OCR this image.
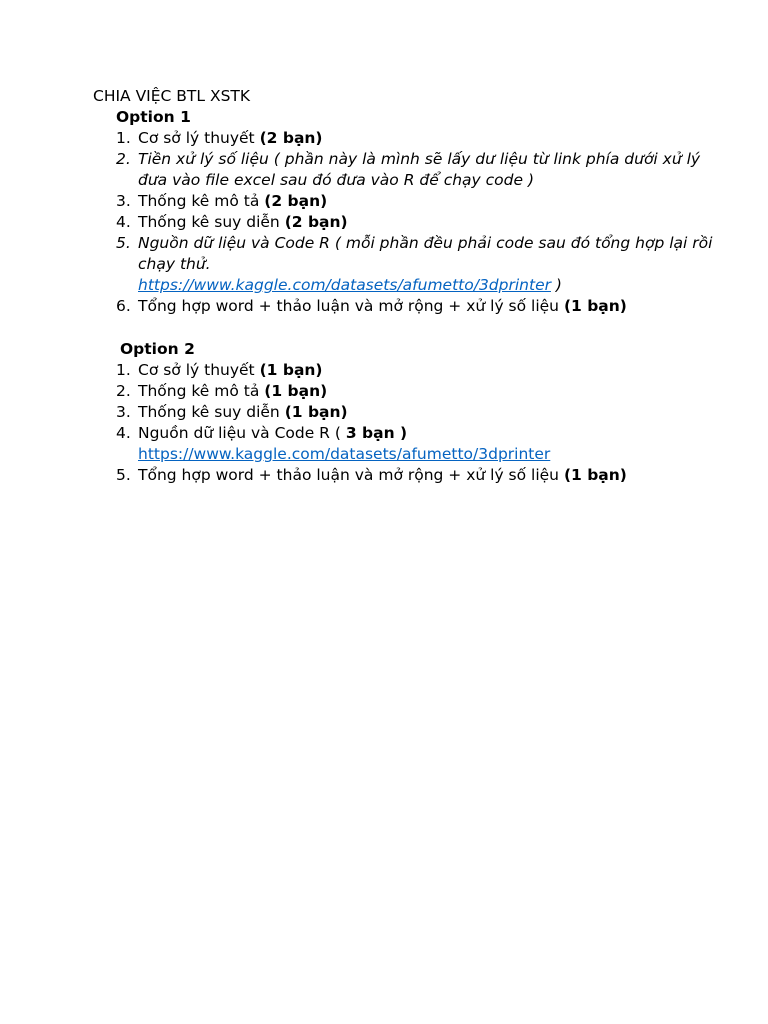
CHIA VIỆC BTL XSTK

Option 1

1. Cơ sở lý thuyết (2 bạn)
2. Tiền xử lý số liệu ( phần này là mình sẽ lấy dư liệu từ link phía dưới xử lý đưa vào file excel sau đó đưa vào R để chạy code )
3. Thống kê mô tả (2 bạn)
4. Thống kê suy diễn (2 bạn)
5. Nguồn dữ liệu và Code R ( mỗi phần đều phải code sau đó tổng hợp lại rồi chạy thử.
https://www.kaggle.com/datasets/afumetto/3dprinter )
6. Tổng hợp word + thảo luận và mở rộng + xử lý số liệu (1 bạn)

Option 2

1. Cơ sở lý thuyết (1 bạn)
2. Thống kê mô tả (1 bạn)
3. Thống kê suy diễn (1 bạn)
4. Nguồn dữ liệu và Code R ( 3 bạn )
https://www.kaggle.com/datasets/afumetto/3dprinter
5. Tổng hợp word + thảo luận và mở rộng + xử lý số liệu (1 bạn)
